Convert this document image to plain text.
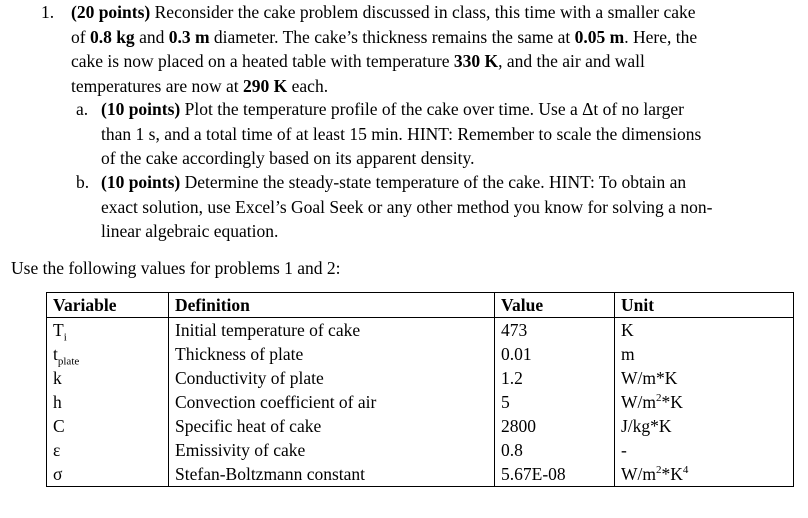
1. (20 points) Reconsider the cake problem discussed in class, this time with a smaller cake
of 0.8 kg and 0.3 m diameter. The cake’s thickness remains the same at 0.05 m. Here, the
cake is now placed on a heated table with temperature 330 K, and the air and wall
temperatures are now at 290 K each.
a. (10 points) Plot the temperature profile of the cake over time. Use a Δt of no larger
than 1 s, and a total time of at least 15 min. HINT: Remember to scale the dimensions
of the cake accordingly based on its apparent density.
b. (10 points) Determine the steady-state temperature of the cake. HINT: To obtain an
exact solution, use Excel’s Goal Seek or any other method you know for solving a non-
linear algebraic equation.
Use the following values for problems 1 and 2:
Variable	Definition	Value	Unit
$T_i$	Initial temperature of cake	473	K
$t_{plate}$	Thickness of plate	0.01	m
k	Conductivity of plate	1.2	W/m*K
h	Convection coefficient of air	5	$W/m^2*K$
C	Specific heat of cake	2800	J/kg*K
ε	Emissivity of cake	0.8	-
σ	Stefan-Boltzmann constant	5.67E-08	$W/m^2*K^4$
